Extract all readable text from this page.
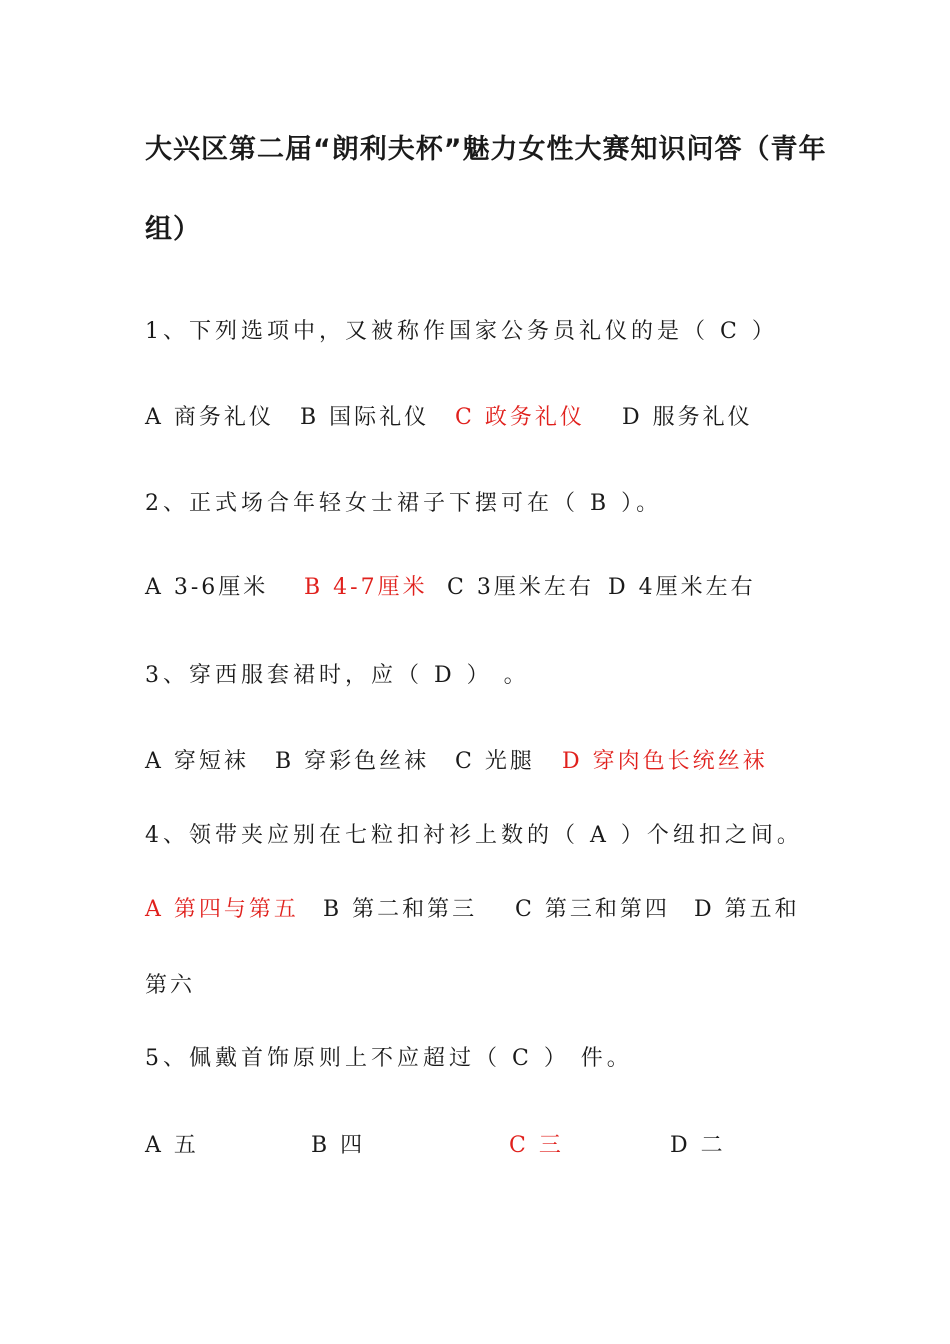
大兴区第二届“朗利夫杯”魅力女性大赛知识问答（青年
组）
1、下列选项中，又被称作国家公务员礼仪的是（ C ）
A 商务礼仪 B 国际礼仪 C 政务礼仪 D 服务礼仪
2、正式场合年轻女士裙子下摆可在（ B ）。
A 3-6厘米 B 4-7厘米 C 3厘米左右 D 4厘米左右
3、穿西服套裙时，应（ D ） 。
A 穿短袜 B 穿彩色丝袜 C 光腿 D 穿肉色长统丝袜
4、领带夹应别在七粒扣衬衫上数的（ A ）个纽扣之间。
A 第四与第五 B 第二和第三 C 第三和第四 D 第五和
第六
5、佩戴首饰原则上不应超过（ C ） 件。
A 五	B 四	C 三	D 二
